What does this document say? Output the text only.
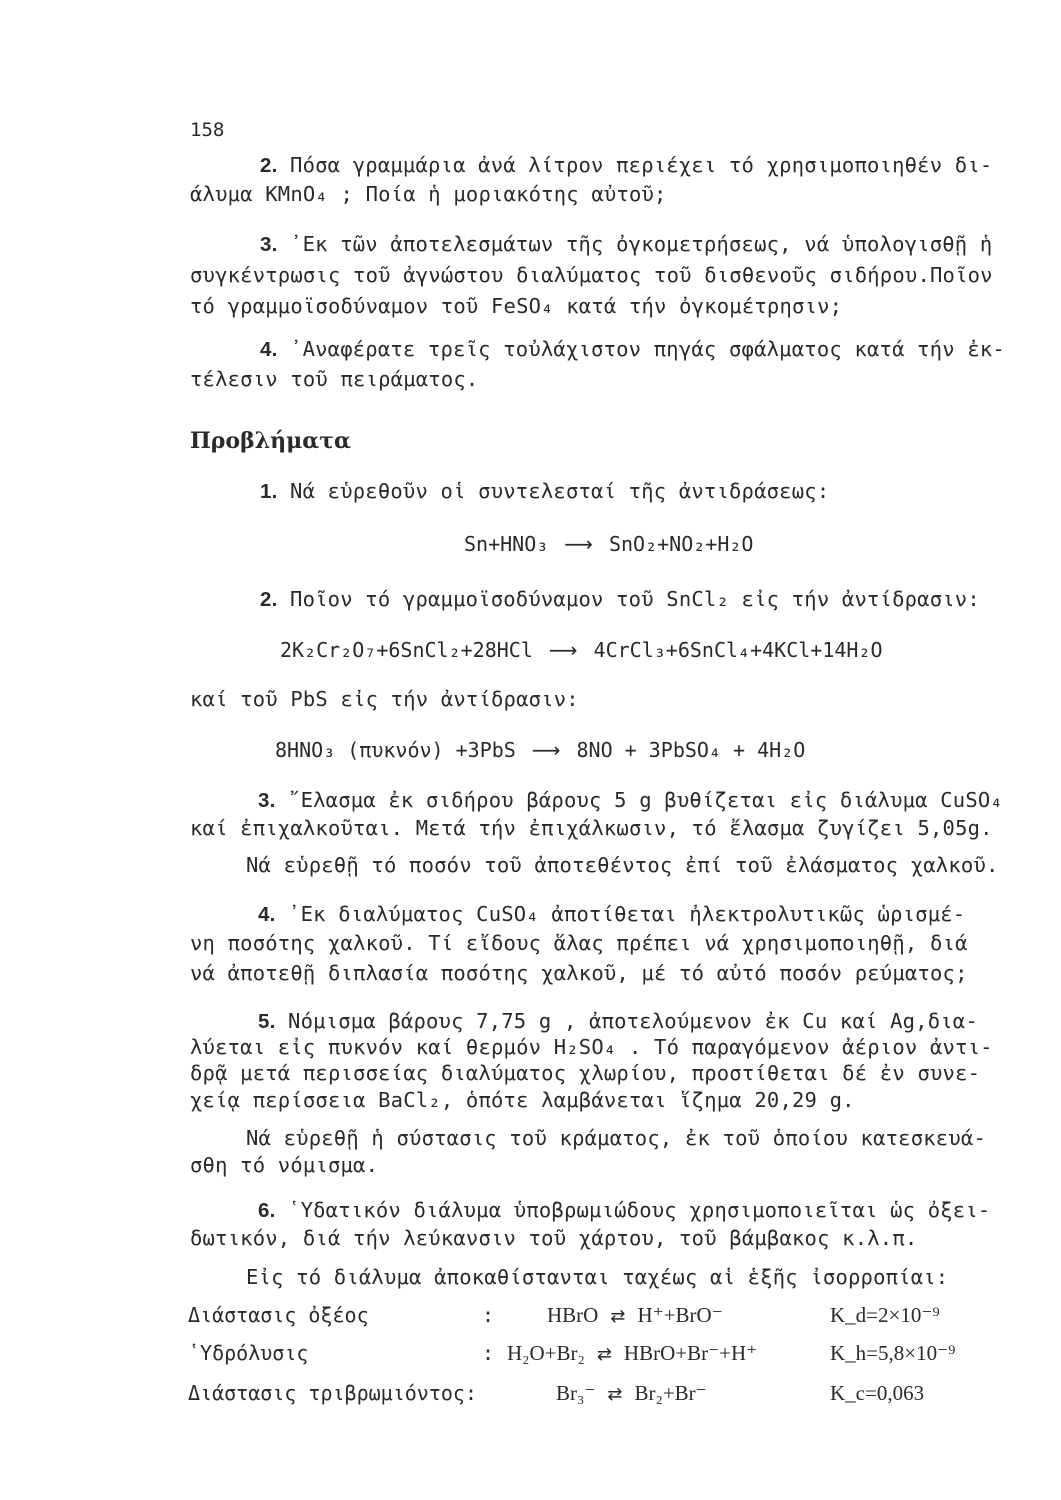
158
2. Πόσα γραμμάρια ἀνά λίτρον περιέχει τό χρησιμοποιηθέν δι-
άλυμα KMnO₄ ; Ποία ἡ μοριακότης αὐτοῦ;
3. ᾿Εκ τῶν ἀποτελεσμάτων τῆς ὀγκομετρήσεως, νά ὑπολογισθῇ ἡ
συγκέντρωσις τοῦ ἀγνώστου διαλύματος τοῦ δισθενοῦς σιδήρου.Ποῖον
τό γραμμοϊσοδύναμον τοῦ FeSO₄ κατά τήν ὀγκομέτρησιν;
4. ᾿Αναφέρατε τρεῖς τοὐλάχιστον πηγάς σφάλματος κατά τήν ἐκ-
τέλεσιν τοῦ πειράματος.
Προβλήματα
1. Νά εὑρεθοῦν οἱ συντελεσταί τῆς ἀντιδράσεως:
Sn+HNO₃ ⟶ SnO₂+NO₂+H₂O
2. Ποῖον τό γραμμοϊσοδύναμον τοῦ SnCl₂ εἰς τήν ἀντίδρασιν:
2K₂Cr₂O₇+6SnCl₂+28HCl ⟶ 4CrCl₃+6SnCl₄+4KCl+14H₂O
καί τοῦ PbS εἰς τήν ἀντίδρασιν:
8HNO₃ (πυκνόν) +3PbS ⟶ 8NO + 3PbSO₄ + 4H₂O
3. ῎Ελασμα ἐκ σιδήρου βάρους 5 g βυθίζεται εἰς διάλυμα CuSO₄
καί ἐπιχαλκοῦται. Μετά τήν ἐπιχάλκωσιν, τό ἔλασμα ζυγίζει 5,05g.
Νά εὑρεθῇ τό ποσόν τοῦ ἀποτεθέντος ἐπί τοῦ ἐλάσματος χαλκοῦ.
4. ᾿Εκ διαλύματος CuSO₄ ἀποτίθεται ἠλεκτρολυτικῶς ὡρισμέ-
νη ποσότης χαλκοῦ. Τί εἴδους ἅλας πρέπει νά χρησιμοποιηθῇ, διά
νά ἀποτεθῇ διπλασία ποσότης χαλκοῦ, μέ τό αὐτό ποσόν ρεύματος;
5. Νόμισμα βάρους 7,75 g , ἀποτελούμενον ἐκ Cu καί Ag,δια-
λύεται εἰς πυκνόν καί θερμόν H₂SO₄ . Τό παραγόμενον ἀέριον ἀντι-
δρᾷ μετά περισσείας διαλύματος χλωρίου, προστίθεται δέ ἐν συνε-
χείᾳ περίσσεια BaCl₂, ὁπότε λαμβάνεται ἵζημα 20,29 g.
Νά εὑρεθῇ ἡ σύστασις τοῦ κράματος, ἐκ τοῦ ὁποίου κατεσκευά-
σθη τό νόμισμα.
6. ῾Υδατικόν διάλυμα ὑποβρωμιώδους χρησιμοποιεῖται ὡς ὀξει-
δωτικόν, διά τήν λεύκανσιν τοῦ χάρτου, τοῦ βάμβακος κ.λ.π.
Εἰς τό διάλυμα ἀποκαθίστανται ταχέως αἱ ἑξῆς ἰσορροπίαι:
Διάστασις ὀξέος	:	HBrO ⇄ H⁺+BrO⁻	K_d=2×10⁻⁹
῾Υδρόλυσις	: H₂O+Br₂ ⇄ HBrO+Br⁻+H⁺	K_h=5,8×10⁻⁹
Διάστασις τριβρωμιόντος:	Br₃⁻ ⇄ Br₂+Br⁻	K_c=0,063
